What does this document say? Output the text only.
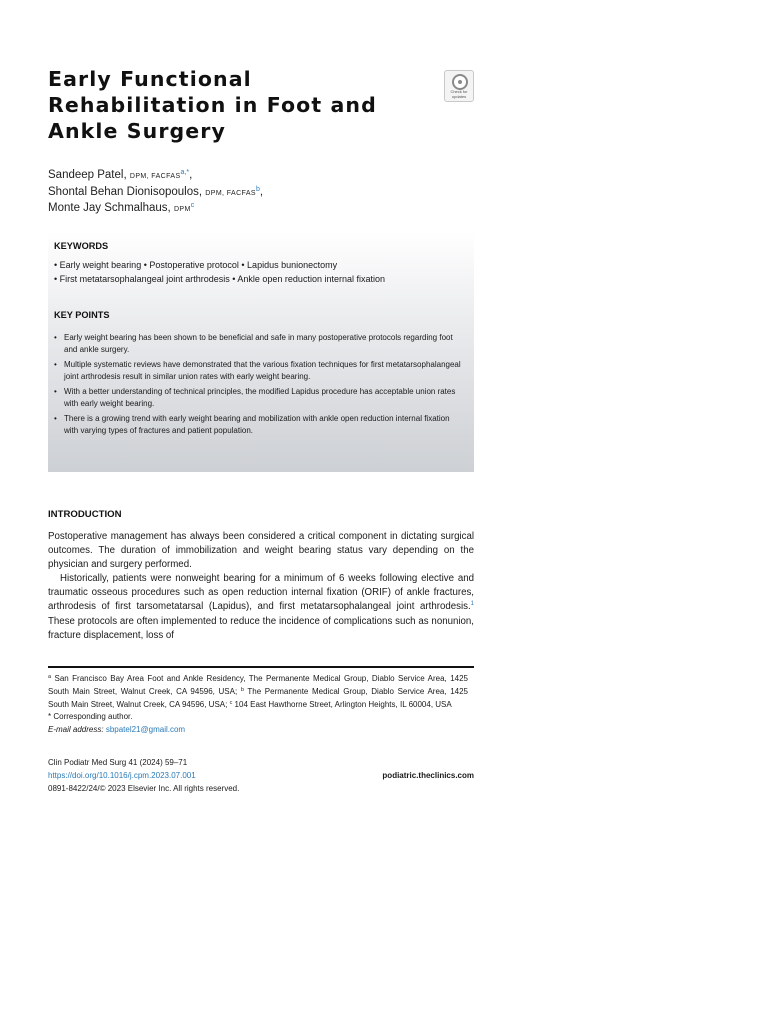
Early Functional
Rehabilitation in Foot and
Ankle Surgery
Check for
updates
Sandeep Patel, DPM, $FACFAS^{a,*}$,
Shontal Behan Dionisopoulos, DPM, FACFAS$^b$,
Monte Jay Schmalhaus, DPM$^c$
KEYWORDS
• Early weight bearing • Postoperative protocol • Lapidus bunionectomy
• First metatarsophalangeal joint arthrodesis • Ankle open reduction internal fixation
KEY POINTS
• Early weight bearing has been shown to be beneficial and safe in many postoperative protocols regarding foot and ankle surgery.
• Multiple systematic reviews have demonstrated that the various fixation techniques for first metatarsophalangeal joint arthrodesis result in similar union rates with early weight bearing.
• With a better understanding of technical principles, the modified Lapidus procedure has acceptable union rates with early weight bearing.
• There is a growing trend with early weight bearing and mobilization with ankle open reduction internal fixation with varying types of fractures and patient population.
INTRODUCTION

Postoperative management has always been considered a critical component in dictating surgical outcomes. The duration of immobilization and weight bearing status vary depending on the physician and surgery performed.

Historically, patients were nonweight bearing for a minimum of 6 weeks following elective and traumatic osseous procedures such as open reduction internal fixation (ORIF) of ankle fractures, arthrodesis of first tarsometatarsal (Lapidus), and first metatarsophalangeal joint arthrodesis.$^1$ These protocols are often implemented to reduce the incidence of complications such as nonunion, fracture displacement, loss of

$^a$ San Francisco Bay Area Foot and Ankle Residency, The Permanente Medical Group, Diablo Service Area, 1425 South Main Street, Walnut Creek, CA 94596, USA; $^b$ The Permanente Medical Group, Diablo Service Area, 1425 South Main Street, Walnut Creek, CA 94596, USA; $^c$ 104 East Hawthorne Street, Arlington Heights, IL 60004, USA

* Corresponding author.

E-mail address: sbpatel21@gmail.com

Clin Podiatr Med Surg 41 (2024) 59–71

https://doi.org/10.1016/j.cpm.2023.07.001

0891-8422/24/© 2023 Elsevier Inc. All rights reserved.

podiatric.theclinics.com
